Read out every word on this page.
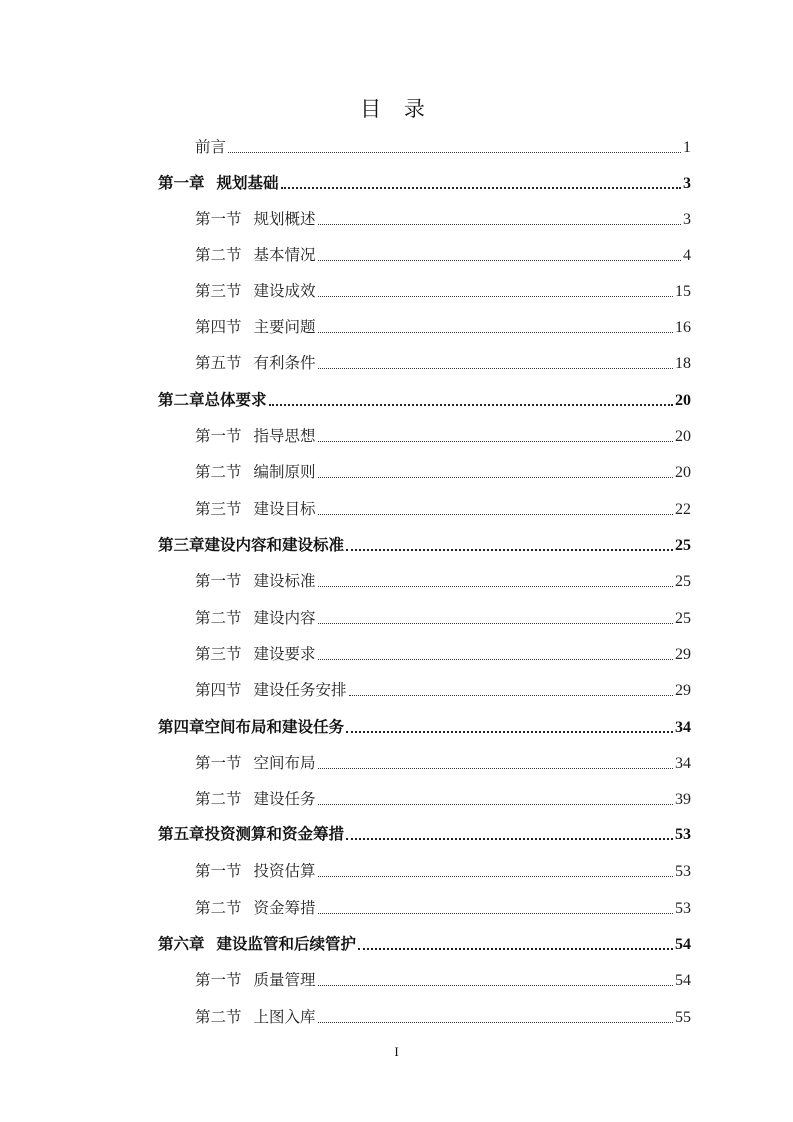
目 录
前言	1
第一章 规划基础	3
第一节 规划概述	3
第二节 基本情况	4
第三节 建设成效	15
第四节 主要问题	16
第五节 有利条件	18
第二章总体要求	20
第一节 指导思想	20
第二节 编制原则	20
第三节 建设目标	22
第三章建设内容和建设标准	25
第一节 建设标准	25
第二节 建设内容	25
第三节 建设要求	29
第四节 建设任务安排	29
第四章空间布局和建设任务	34
第一节 空间布局	34
第二节 建设任务	39
第五章投资测算和资金筹措	53
第一节 投资估算	53
第二节 资金筹措	53
第六章 建设监管和后续管护	54
第一节 质量管理	54
第二节 上图入库	55
I
